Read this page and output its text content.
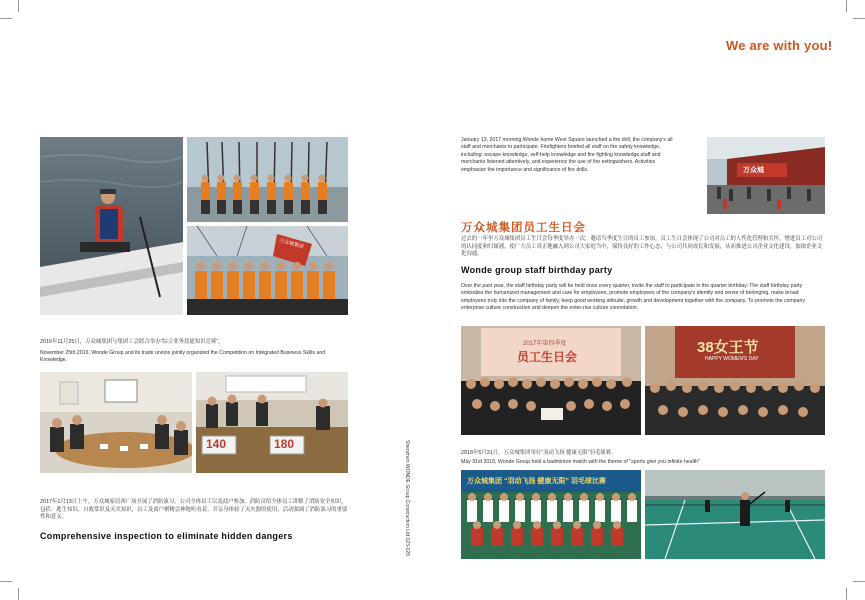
We are with you!
万众城集团
2016年11月25日，万众城集团与集团工会联合举办“综合业务技能知识竞赛”。
November 25th,2016, Wonde Group and its trade unions jointly organized the Competition on Integrated Business Skills and Knowledge.
140	180
2017年1月13日上午，万众城家居西广场开展了消防演习，公司全体员工以及商户参加。消防员给全体员工讲解了消防安全知识，包括：逃生知识、自救常识及灭火知识，员工及商户聚精会神地听看着，并亲身体验了灭火器的使用，活动强调了消防演习的重要性和意义。
Comprehensive inspection to eliminate hidden dangers	Shenzhen WONDE Group Construction Ltd 023-028
January 13, 2017 morning,Wonde home West Square launched a fire drill, the company's all staff and merchants to participate. Firefighters briefed all staff on fire safety knowledge, including: escape knowledge, self-help knowledge and fire fighting knowledge,staff and merchants listened attentively, and experience the use of fire extinguishers. Activities emphasize the importance and significance of fire drills.	万众城
万众城集团员工生日会
过去的一年里万众城集团员工生日会每季度举办一次，邀请当季度生日的员工参加。员工生日会体现了公司对员工的人性化管理和关怀，增进员工对公司的认同度和归属感，使广大员工真正地融入到公司大家庭当中，保持良好的工作心态，与公司共同成长和发展，从而推进公司企业文化建设，加深企业文化沟通。
Wonde group staff birthday party
Over the past year, the staff birthday party will be held once every quarter, invite the staff to participate in the quarter birthday. The staff birthday party embodies the humanized management and care for employees, promote employees of the company's identity and sense of belonging, make broad employees truly into the company of family, keep good working attitude, growth and development together with the company. To promote the company enterprise culture construction and deepen the enter-rise culture connotation.
2017年第四季度
员工生日会
38女王节
HAPPY WOMEN'S DAY
2018年5月31日，万众城集团举行“羽动飞扬 健康无限”羽毛球赛。
May 31st 2018, Wonde Group held a badminton match with the theme of "sports give you infinite health"
万众城集团 “羽动飞扬 健康无限” 羽毛球比赛
